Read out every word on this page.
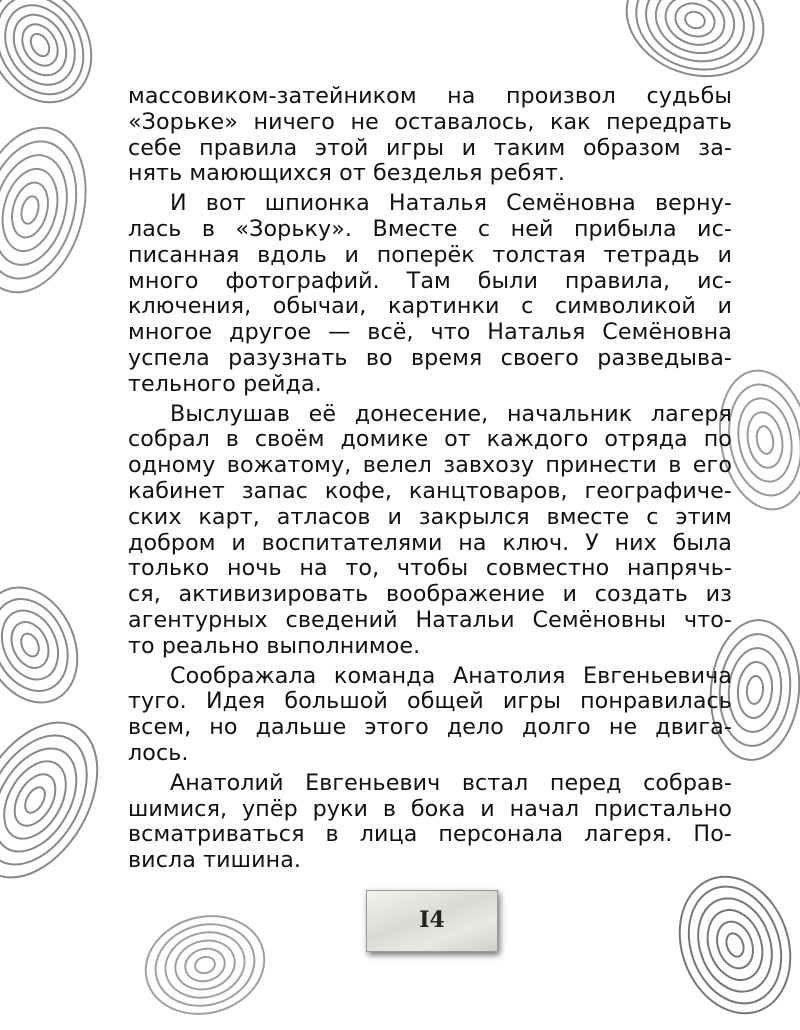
массовиком-затейником на произвол судьбы
«Зорьке» ничего не оставалось, как передрать
себе правила этой игры и таким образом за-
нять маюющихся от безделья ребят.
И вот шпионка Наталья Семёновна верну-
лась в «Зорьку». Вместе с ней прибыла ис-
писанная вдоль и поперёк толстая тетрадь и
много фотографий. Там были правила, ис-
ключения, обычаи, картинки с символикой и
многое другое — всё, что Наталья Семёновна
успела разузнать во время своего разведыва-
тельного рейда.
Выслушав её донесение, начальник лагеря
собрал в своём домике от каждого отряда по
одному вожатому, велел завхозу принести в его
кабинет запас кофе, канцтоваров, географиче-
ских карт, атласов и закрылся вместе с этим
добром и воспитателями на ключ. У них была
только ночь на то, чтобы совместно напрячь-
ся, активизировать воображение и создать из
агентурных сведений Натальи Семёновны что-
то реально выполнимое.
Соображала команда Анатолия Евгеньевича
туго. Идея большой общей игры понравилась
всем, но дальше этого дело долго не двига-
лось.
Анатолий Евгеньевич встал перед собрав-
шимися, упёр руки в бока и начал пристально
всматриваться в лица персонала лагеря. По-
висла тишина.
I4
